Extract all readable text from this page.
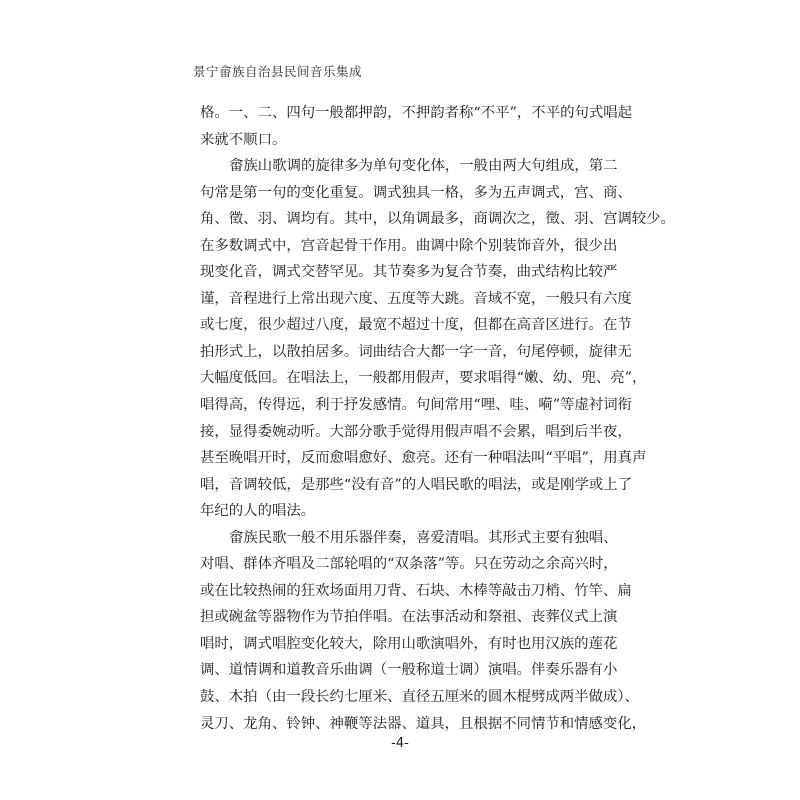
景宁畲族自治县民间音乐集成
格。一、二、四句一般都押韵，不押韵者称“不平”，不平的句式唱起
来就不顺口。
畲族山歌调的旋律多为单句变化体，一般由两大句组成，第二
句常是第一句的变化重复。调式独具一格，多为五声调式，宫、商、
角、徵、羽、调均有。其中，以角调最多，商调次之，徵、羽、宫调较少。
在多数调式中，宫音起骨干作用。曲调中除个别装饰音外，很少出
现变化音，调式交替罕见。其节奏多为复合节奏，曲式结构比较严
谨，音程进行上常出现六度、五度等大跳。音域不宽，一般只有六度
或七度，很少超过八度，最宽不超过十度，但都在高音区进行。在节
拍形式上，以散拍居多。词曲结合大都一字一音，句尾停顿，旋律无
大幅度低回。在唱法上，一般都用假声，要求唱得“嫩、幼、兜、亮”，
唱得高，传得远，利于抒发感情。句间常用“哩、哇、嗬”等虚衬词衔
接，显得委婉动听。大部分歌手觉得用假声唱不会累，唱到后半夜，
甚至晚唱开时，反而愈唱愈好、愈亮。还有一种唱法叫“平唱”，用真声
唱，音调较低，是那些“没有音”的人唱民歌的唱法，或是刚学或上了
年纪的人的唱法。
畲族民歌一般不用乐器伴奏，喜爱清唱。其形式主要有独唱、
对唱、群体齐唱及二部轮唱的“双条落”等。只在劳动之余高兴时，
或在比较热闹的狂欢场面用刀背、石块、木棒等敲击刀梢、竹竿、扁
担或碗盆等器物作为节拍伴唱。在法事活动和祭祖、丧葬仪式上演
唱时，调式唱腔变化较大，除用山歌演唱外，有时也用汉族的莲花
调、道情调和道教音乐曲调（一般称道士调）演唱。伴奏乐器有小
鼓、木拍（由一段长约七厘米、直径五厘米的圆木棍劈成两半做成）、
灵刀、龙角、铃钟、神鞭等法器、道具，且根据不同情节和情感变化，
-4-
